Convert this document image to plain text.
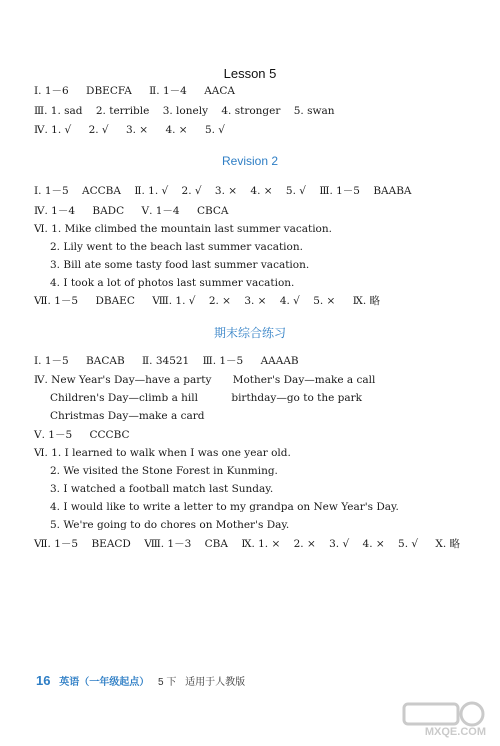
Lesson 5
Ⅰ. 1－6 DBECFA Ⅱ. 1－4 AACA
Ⅲ. 1. sad 2. terrible 3. lonely 4. stronger 5. swan
Ⅳ. 1. √ 2. √ 3. × 4. × 5. √
Revision 2
Ⅰ. 1－5 ACCBA Ⅱ. 1. √ 2. √ 3. × 4. × 5. √ Ⅲ. 1－5 BAABA
Ⅳ. 1－4 BADC Ⅴ. 1－4 CBCA
Ⅵ. 1. Mike climbed the mountain last summer vacation.
2. Lily went to the beach last summer vacation.
3. Bill ate some tasty food last summer vacation.
4. I took a lot of photos last summer vacation.
Ⅶ. 1－5 DBAEC Ⅷ. 1. √ 2. × 3. × 4. √ 5. × Ⅸ. 略
期末综合练习
Ⅰ. 1－5 BACAB Ⅱ. 34521 Ⅲ. 1－5 AAAAB
Ⅳ. New Year's Day—have a party Mother's Day—make a call
Children's Day—climb a hill	birthday—go to the park
Christmas Day—make a card
Ⅴ. 1－5 CCCBC
Ⅵ. 1. I learned to walk when I was one year old.
2. We visited the Stone Forest in Kunming.
3. I watched a football match last Sunday.
4. I would like to write a letter to my grandpa on New Year's Day.
5. We're going to do chores on Mother's Day.
Ⅶ. 1－5 BEACD Ⅷ. 1－3 CBA Ⅸ. 1. × 2. × 3. √ 4. × 5. √ Ⅹ. 略
16 英语（一年级起点） 5 下 适用于人教版
MXQE.COM
